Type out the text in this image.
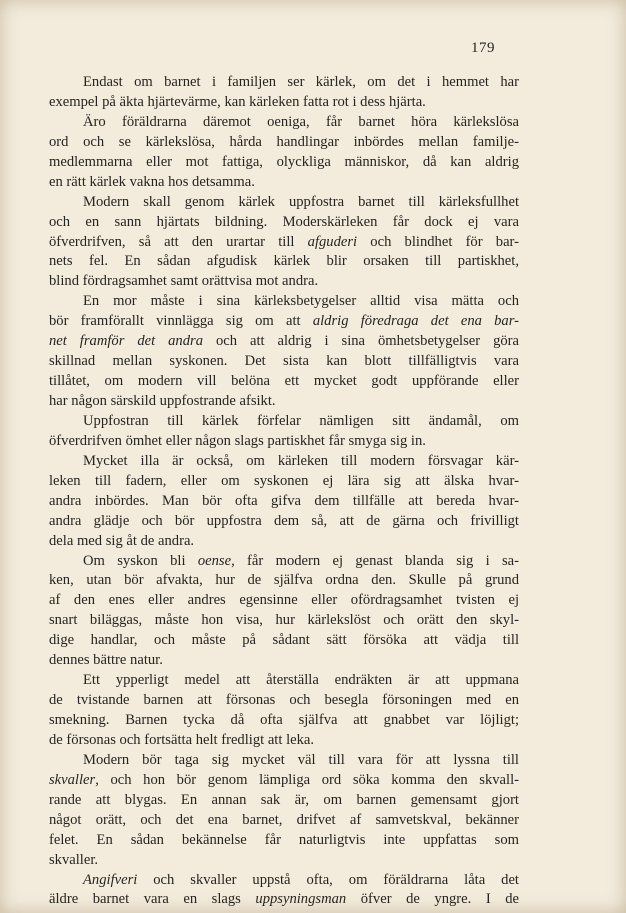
179
Endast om barnet i familjen ser kärlek, om det i hemmet har
exempel på äkta hjärtevärme, kan kärleken fatta rot i dess hjärta.
Äro föräldrarna däremot oeniga, får barnet höra kärlekslösa
ord och se kärlekslösa, hårda handlingar inbördes mellan familje-
medlemmarna eller mot fattiga, olyckliga människor, då kan aldrig
en rätt kärlek vakna hos detsamma.
Modern skall genom kärlek uppfostra barnet till kärleksfullhet
och en sann hjärtats bildning. Moderskärleken får dock ej vara
öfverdrifven, så att den urartar till afguderi och blindhet för bar-
nets fel. En sådan afgudisk kärlek blir orsaken till partiskhet,
blind fördragsamhet samt orättvisa mot andra.
En mor måste i sina kärleksbetygelser alltid visa mätta och
bör framförallt vinnlägga sig om att aldrig föredraga det ena bar-
net framför det andra och att aldrig i sina ömhetsbetygelser göra
skillnad mellan syskonen. Det sista kan blott tillfälligtvis vara
tillåtet, om modern vill belöna ett mycket godt uppförande eller
har någon särskild uppfostrande afsikt.
Uppfostran till kärlek förfelar nämligen sitt ändamål, om
öfverdrifven ömhet eller någon slags partiskhet får smyga sig in.
Mycket illa är också, om kärleken till modern försvagar kär-
leken till fadern, eller om syskonen ej lära sig att älska hvar-
andra inbördes. Man bör ofta gifva dem tillfälle att bereda hvar-
andra glädje och bör uppfostra dem så, att de gärna och frivilligt
dela med sig åt de andra.
Om syskon bli oense, får modern ej genast blanda sig i sa-
ken, utan bör afvakta, hur de själfva ordna den. Skulle på grund
af den enes eller andres egensinne eller ofördragsamhet tvisten ej
snart biläggas, måste hon visa, hur kärlekslöst och orätt den skyl-
dige handlar, och måste på sådant sätt försöka att vädja till
dennes bättre natur.
Ett ypperligt medel att återställa endräkten är att uppmana
de tvistande barnen att försonas och besegla försoningen med en
smekning. Barnen tycka då ofta själfva att gnabbet var löjligt;
de försonas och fortsätta helt fredligt att leka.
Modern bör taga sig mycket väl till vara för att lyssna till
skvaller, och hon bör genom lämpliga ord söka komma den skvall-
rande att blygas. En annan sak är, om barnen gemensamt gjort
något orätt, och det ena barnet, drifvet af samvetskval, bekänner
felet. En sådan bekännelse får naturligtvis inte uppfattas som
skvaller.
Angifveri och skvaller uppstå ofta, om föräldrarna låta det
äldre barnet vara en slags uppsyningsman öfver de yngre. I de
